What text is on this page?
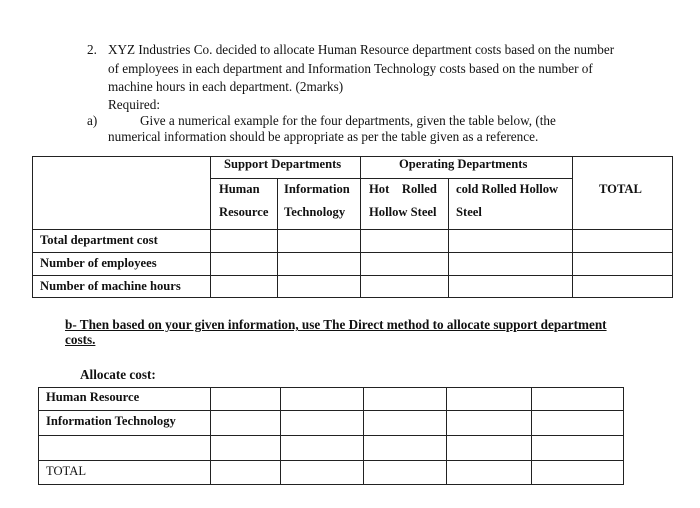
2. XYZ Industries Co. decided to allocate Human Resource department costs based on the number
of employees in each department and Information Technology costs based on the number of
machine hours in each department. (2marks)
Required:
a)	Give a numerical example for the four departments, given the table below, (the
numerical information should be appropriate as per the table given as a reference.
Support Departments	Operating Departments
Human
Resource
Information
Technology
Hot    Rolled
Hollow Steel
cold Rolled Hollow
Steel
TOTAL
Total department cost
Number of employees
Number of machine hours
b- Then based on your given information, use The Direct method to allocate support department
costs.
Allocate cost:
Human Resource
Information Technology
TOTAL
